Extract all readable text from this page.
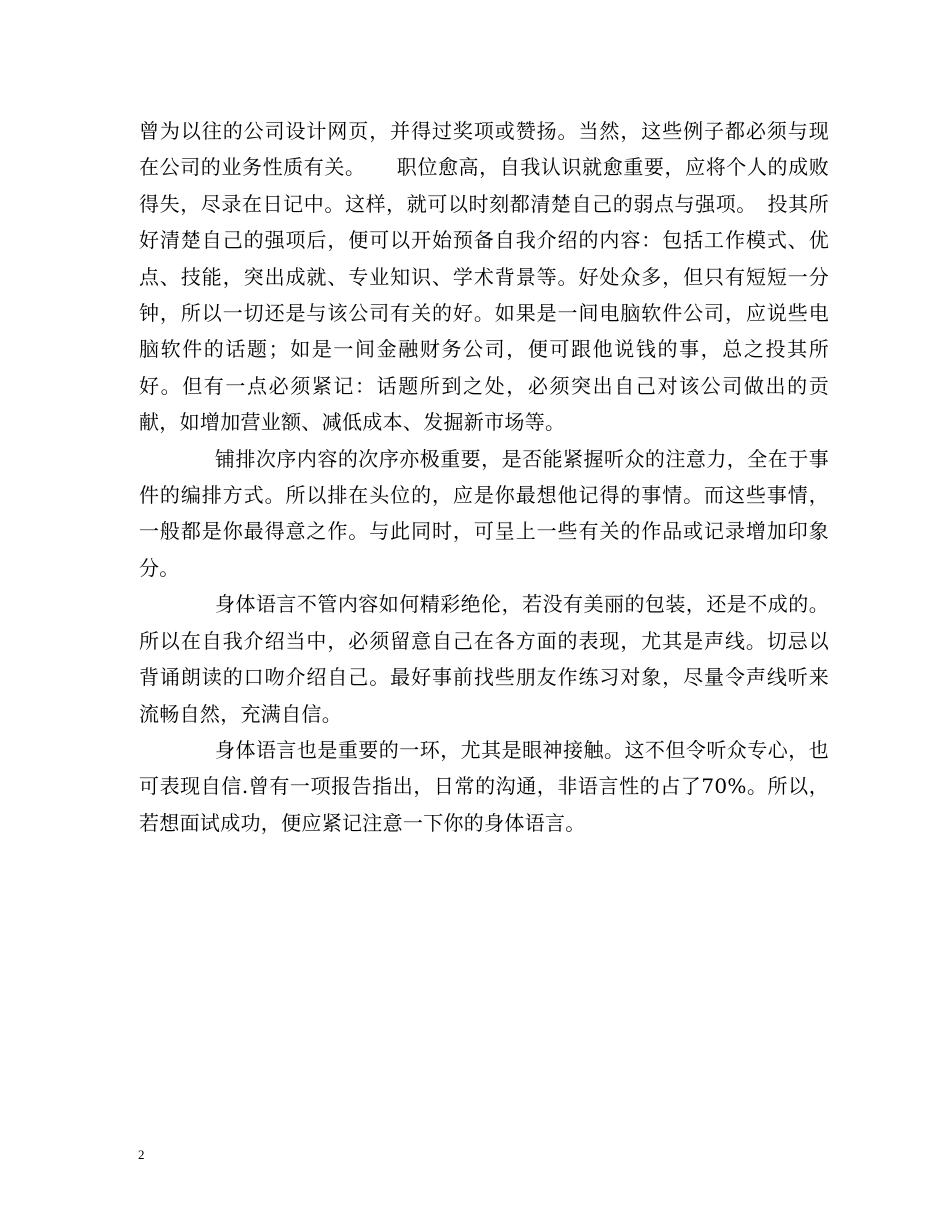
曾为以往的公司设计网页，并得过奖项或赞扬。当然，这些例子都必须与现在公司的业务性质有关。　　职位愈高，自我认识就愈重要，应将个人的成败得失，尽录在日记中。这样，就可以时刻都清楚自己的弱点与强项。　投其所好清楚自己的强项后，便可以开始预备自我介绍的内容：包括工作模式、优点、技能，突出成就、专业知识、学术背景等。好处众多，但只有短短一分钟，所以一切还是与该公司有关的好。如果是一间电脑软件公司，应说些电脑软件的话题；如是一间金融财务公司，便可跟他说钱的事，总之投其所好。但有一点必须紧记：话题所到之处，必须突出自己对该公司做出的贡献，如增加营业额、减低成本、发掘新市场等。

铺排次序内容的次序亦极重要，是否能紧握听众的注意力，全在于事件的编排方式。所以排在头位的，应是你最想他记得的事情。而这些事情，一般都是你最得意之作。与此同时，可呈上一些有关的作品或记录增加印象分。

身体语言不管内容如何精彩绝伦，若没有美丽的包装，还是不成的。所以在自我介绍当中，必须留意自己在各方面的表现，尤其是声线。切忌以背诵朗读的口吻介绍自己。最好事前找些朋友作练习对象，尽量令声线听来流畅自然，充满自信。

身体语言也是重要的一环，尤其是眼神接触。这不但令听众专心，也可表现自信.曾有一项报告指出，日常的沟通，非语言性的占了70%。所以，若想面试成功，便应紧记注意一下你的身体语言。

2
